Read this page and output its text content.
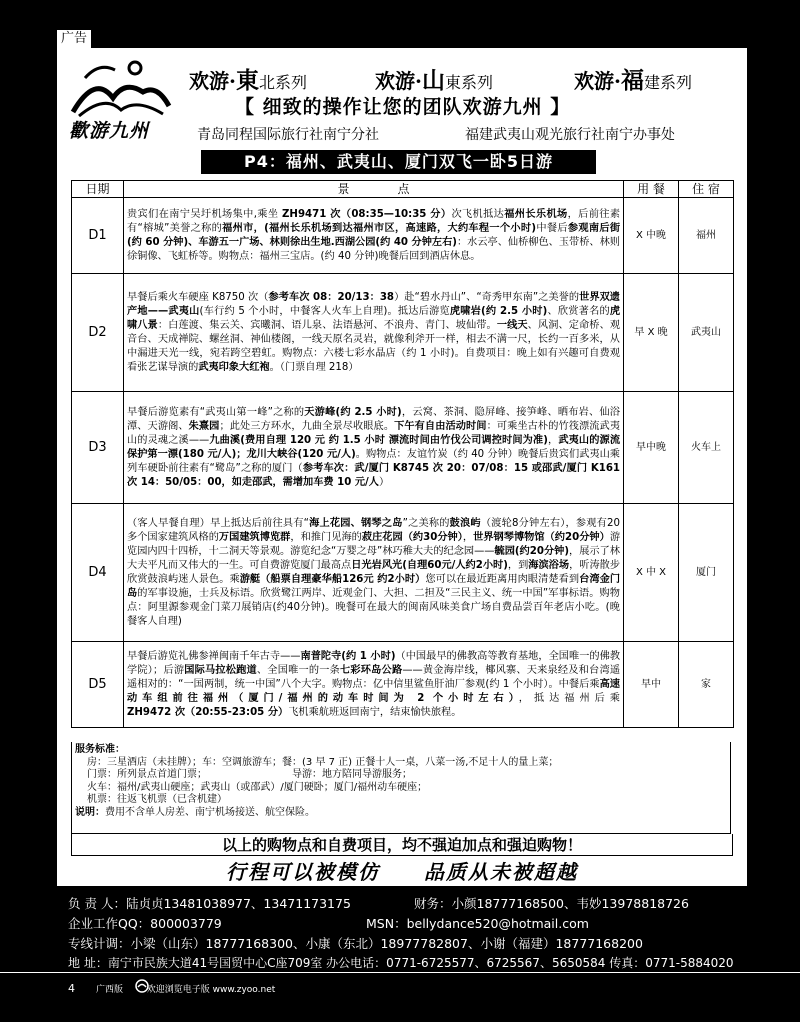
广告
歡游九州
欢游·東北系列	欢游·山東系列	欢游·福建系列
【 细致的操作让您的团队欢游九州 】
青岛同程国际旅行社南宁分社	福建武夷山观光旅行社南宁办事处
P4：福州、武夷山、厦门双飞一卧5日游
日期	景　　　　点	用 餐	住 宿
D1	贵宾们在南宁吴圩机场集中,乘坐 ZH9471 次（08:35—10:35 分）次飞机抵达福州长乐机场，后前往素有“榕城”美誉之称的福州市，(福州长乐机场到达福州市区，高速路，大约车程一个小时)中餐后参观南后街(约 60 分钟)、车游五一广场、林则徐出生地.西湖公园(约 40 分钟左右)：水云亭、仙桥柳色、玉带桥、林则徐铜像、飞虹桥等。购物点：福州三宝店。(约 40 分钟)晚餐后回到酒店休息。	X 中晚	福州
D2	早餐后乘火车硬座 K8750 次（参考车次 08：20/13：38）赴“碧水丹山”、“奇秀甲东南”之美誉的世界双遗产地——武夷山(车行约 5 个小时，中餐客人火车上自理)。抵达后游览虎啸岩(约 2.5 小时)、欣赏著名的虎啸八景：白莲渡、集云关、宾曦洞、语儿泉、法语悬河、不浪舟、青门、坡仙带。一线天、风洞、定命桥、观音台、天成禅院、螺丝洞、神仙楼阁，一线天原名灵岩，就像利斧开一样，相去不满一尺，长约一百多米，从中漏进天光一线，宛若跨空碧虹。购物点：六楼七彩水晶店（约 1 小时)。自费项目：晚上如有兴趣可自费观看张艺谋导演的武夷印象大红袍。（门票自理 218）	早 X 晚	武夷山
D3	早餐后游览素有“武夷山第一峰”之称的天游峰(约 2.5 小时)，云窝、茶洞、隐屏峰、接笋峰、晒布岩、仙浴潭、天游阁、朱熹园；此处三方环水，九曲全景尽收眼底。下午有自由活动时间：可乘坐古朴的竹筏漂流武夷山的灵魂之溪——九曲溪(费用自理 120 元 约 1.5 小时 漂流时间由竹伐公司调控时间为准)，武夷山的源流保护第一漂(180 元/人)；龙川大峡谷(120 元/人)。购物点：友谊竹炭（约 40 分钟）晚餐后贵宾们武夷山乘列车硬卧前往素有“鹭岛”之称的厦门（参考车次：武/厦门 K8745 次 20：07/08：15 或邵武/厦门 K161 次 14：50/05：00，如走邵武，需增加车费 10 元/人）	早中晚	火车上
D4	（客人早餐自理）早上抵达后前往具有“海上花园、钢琴之岛”之美称的鼓浪屿（渡轮8分钟左右），参观有20多个国家建筑风格的万国建筑博览群，和推门见海的菽庄花园（约30分钟），世界钢琴博物馆（约20分钟）游览园内四十四桥，十二洞天等景观。游览纪念“万婴之母”林巧稚大夫的纪念园——毓园(约20分钟)，展示了林大夫平凡而又伟大的一生。可自费游览厦门最高点日光岩风光(自理60元/人约2小时)，到海滨浴场，听涛散步欣赏鼓浪屿迷人景色。乘游艇（船票自理豪华船126元 约2小时）您可以在最近距离用肉眼清楚看到台湾金门岛的军事设施，士兵及标语。欣赏鹭江两岸、近观金门、大担、二担及“三民主义、统一中国”军事标语。购物点：阿里源参观金门菜刀展销店(约40分钟)。晚餐可在最大的闽南风味美食广场自费品尝百年老店小吃。(晚餐客人自理)	X 中 X	厦门
D5	早餐后游览礼佛参禅闽南千年古寺——南普陀寺(约 1 小时)（中国最早的佛教高等教育基地，全国唯一的佛教学院）；后游国际马拉松跑道、全国唯一的一条七彩环岛公路——黄金海岸线，椰风寨、天来泉经及和台湾遥遥相对的：“一国两制，统一中国”八个大字。购物点：亿中信里鲨鱼肝油厂参观(约 1 个小时）。中餐后乘高速动车组前往福州（厦门/福州的动车时间为 2 个小时左右），抵达福州后乘 ZH9472 次（20:55-23:05 分）飞机乘航班返回南宁，结束愉快旅程。	早中	家
服务标准：
房：三星酒店（未挂牌）；车：空调旅游车；餐：(3 早 7 正) 正餐十人一桌，八菜一汤,不足十人的量上菜；
门票：所列景点首道门票；　　　　　　　　　导游：地方陪同导游服务；
火车：福州/武夷山硬座；武夷山（或邵武）/厦门硬卧；厦门/福州动车硬座；
机票：往返飞机票（已含机建）
说明：费用不含单人房差、南宁机场接送、航空保险。
以上的购物点和自费项目，均不强迫加点和强迫购物！
行程可以被模仿　　品质从未被超越
负 责 人：陆贞贞13481038977、13471173175	财务：小颜18777168500、韦妙13978818726
企业工作QQ：800003779	MSN：bellydance520@hotmail.com
专线计调：小梁（山东）18777168300、小康（东北）18977782807、小谢（福建）18777168200
地 址：南宁市民族大道41号国贸中心C座709室 办公电话：0771-6725577、6725567、5650584 传真：0771-5884020
4 广西版	欢迎浏览电子版 www.zyoo.net
